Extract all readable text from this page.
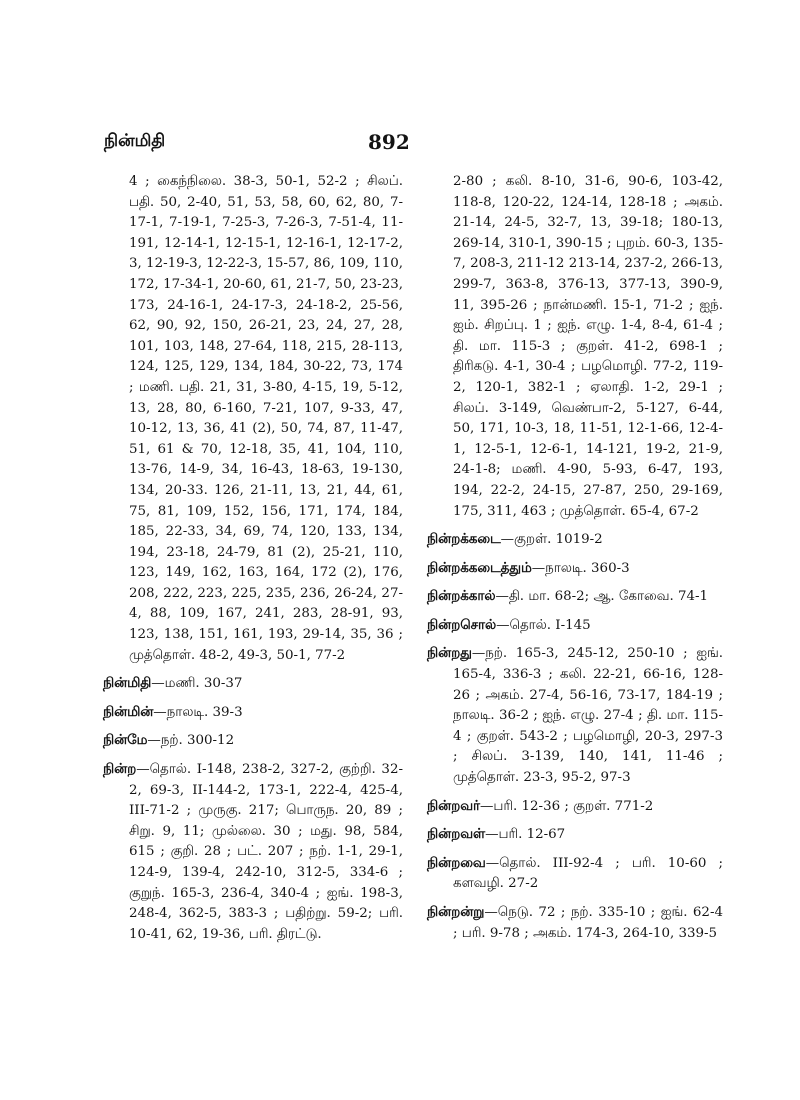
நின்மிதி	892
4 ; கைந்நிலை. 38-3, 50-1, 52-2 ; சிலப். பதி. 50, 2-40, 51, 53, 58, 60, 62, 80, 7-17-1, 7-19-1, 7-25-3, 7-26-3, 7-51-4, 11-191, 12-14-1, 12-15-1, 12-16-1, 12-17-2, 3, 12-19-3, 12-22-3, 15-57, 86, 109, 110, 172, 17-34-1, 20-60, 61, 21-7, 50, 23-23, 173, 24-16-1, 24-17-3, 24-18-2, 25-56, 62, 90, 92, 150, 26-21, 23, 24, 27, 28, 101, 103, 148, 27-64, 118, 215, 28-113, 124, 125, 129, 134, 184, 30-22, 73, 174 ; மணி. பதி. 21, 31, 3-80, 4-15, 19, 5-12, 13, 28, 80, 6-160, 7-21, 107, 9-33, 47, 10-12, 13, 36, 41 (2), 50, 74, 87, 11-47, 51, 61 & 70, 12-18, 35, 41, 104, 110, 13-76, 14-9, 34, 16-43, 18-63, 19-130, 134, 20-33. 126, 21-11, 13, 21, 44, 61, 75, 81, 109, 152, 156, 171, 174, 184, 185, 22-33, 34, 69, 74, 120, 133, 134, 194, 23-18, 24-79, 81 (2), 25-21, 110, 123, 149, 162, 163, 164, 172 (2), 176, 208, 222, 223, 225, 235, 236, 26-24, 27-4, 88, 109, 167, 241, 283, 28-91, 93, 123, 138, 151, 161, 193, 29-14, 35, 36 ; முத்தொள். 48-2, 49-3, 50-1, 77-2
நின்மிதி—மணி. 30-37
நின்மின்—நாலடி. 39-3
நின்மே—நற். 300-12
நின்ற—தொல். I-148, 238-2, 327-2, குற்றி. 32-2, 69-3, II-144-2, 173-1, 222-4, 425-4, III-71-2 ; முருகு. 217; பொருந. 20, 89 ; சிறு. 9, 11; முல்லை. 30 ; மது. 98, 584, 615 ; குறி. 28 ; பட். 207 ; நற். 1-1, 29-1, 124-9, 139-4, 242-10, 312-5, 334-6 ; குறுந். 165-3, 236-4, 340-4 ; ஐங். 198-3, 248-4, 362-5, 383-3 ; பதிற்று. 59-2; பரி. 10-41, 62, 19-36, பரி. திரட்டு.
2-80 ; கலி. 8-10, 31-6, 90-6, 103-42, 118-8, 120-22, 124-14, 128-18 ; அகம். 21-14, 24-5, 32-7, 13, 39-18; 180-13, 269-14, 310-1, 390-15 ; புறம். 60-3, 135-7, 208-3, 211-12 213-14, 237-2, 266-13, 299-7, 363-8, 376-13, 377-13, 390-9, 11, 395-26 ; நான்மணி. 15-1, 71-2 ; ஐந். ஐம். சிறப்பு. 1 ; ஐந். எழு. 1-4, 8-4, 61-4 ; தி. மா. 115-3 ; குறள். 41-2, 698-1 ; திரிகடு. 4-1, 30-4 ; பழமொழி. 77-2, 119-2, 120-1, 382-1 ; ஏலாதி. 1-2, 29-1 ; சிலப். 3-149, வெண்பா-2, 5-127, 6-44, 50, 171, 10-3, 18, 11-51, 12-1-66, 12-4-1, 12-5-1, 12-6-1, 14-121, 19-2, 21-9, 24-1-8; மணி. 4-90, 5-93, 6-47, 193, 194, 22-2, 24-15, 27-87, 250, 29-169, 175, 311, 463 ; முத்தொள். 65-4, 67-2
நின்றக்கடை—குறள். 1019-2
நின்றக்கடைத்தும்—நாலடி. 360-3
நின்றக்கால்—தி. மா. 68-2; ஆ. கோவை. 74-1
நின்றசொல்—தொல். I-145
நின்றது—நற். 165-3, 245-12, 250-10 ; ஐங். 165-4, 336-3 ; கலி. 22-21, 66-16, 128-26 ; அகம். 27-4, 56-16, 73-17, 184-19 ; நாலடி. 36-2 ; ஐந். எழு. 27-4 ; தி. மா. 115-4 ; குறள். 543-2 ; பழமொழி, 20-3, 297-3 ; சிலப். 3-139, 140, 141, 11-46 ; முத்தொள். 23-3, 95-2, 97-3
நின்றவர்—பரி. 12-36 ; குறள். 771-2
நின்றவள்—பரி. 12-67
நின்றவை—தொல். III-92-4 ; பரி. 10-60 ; களவழி. 27-2
நின்றன்று—நெடு. 72 ; நற். 335-10 ; ஐங். 62-4 ; பரி. 9-78 ; அகம். 174-3, 264-10, 339-5
